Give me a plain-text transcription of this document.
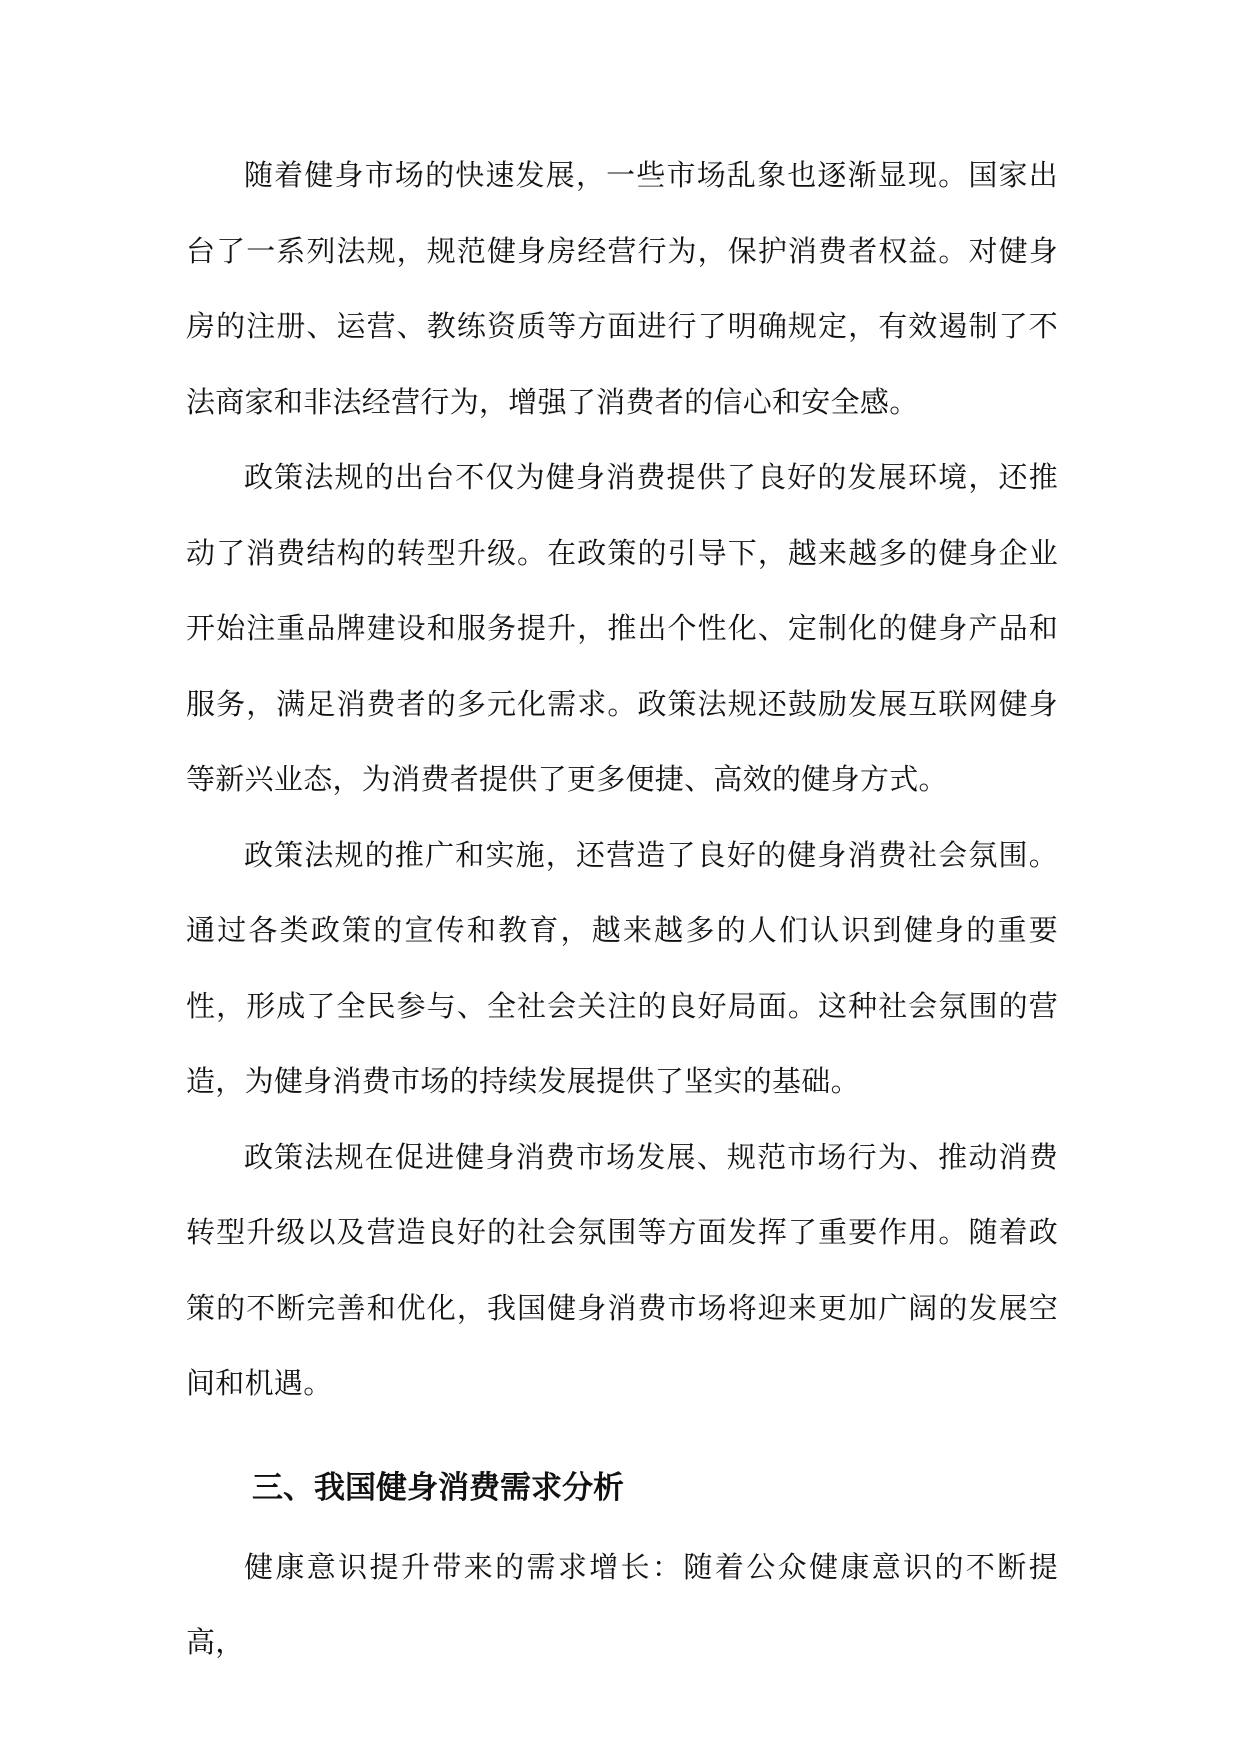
随着健身市场的快速发展，一些市场乱象也逐渐显现。国家出台了一系列法规，规范健身房经营行为，保护消费者权益。对健身房的注册、运营、教练资质等方面进行了明确规定，有效遏制了不法商家和非法经营行为，增强了消费者的信心和安全感。

政策法规的出台不仅为健身消费提供了良好的发展环境，还推动了消费结构的转型升级。在政策的引导下，越来越多的健身企业开始注重品牌建设和服务提升，推出个性化、定制化的健身产品和服务，满足消费者的多元化需求。政策法规还鼓励发展互联网健身等新兴业态，为消费者提供了更多便捷、高效的健身方式。

政策法规的推广和实施，还营造了良好的健身消费社会氛围。通过各类政策的宣传和教育，越来越多的人们认识到健身的重要性，形成了全民参与、全社会关注的良好局面。这种社会氛围的营造，为健身消费市场的持续发展提供了坚实的基础。

政策法规在促进健身消费市场发展、规范市场行为、推动消费转型升级以及营造良好的社会氛围等方面发挥了重要作用。随着政策的不断完善和优化，我国健身消费市场将迎来更加广阔的发展空间和机遇。

三、我国健身消费需求分析

健康意识提升带来的需求增长：随着公众健康意识的不断提高，
